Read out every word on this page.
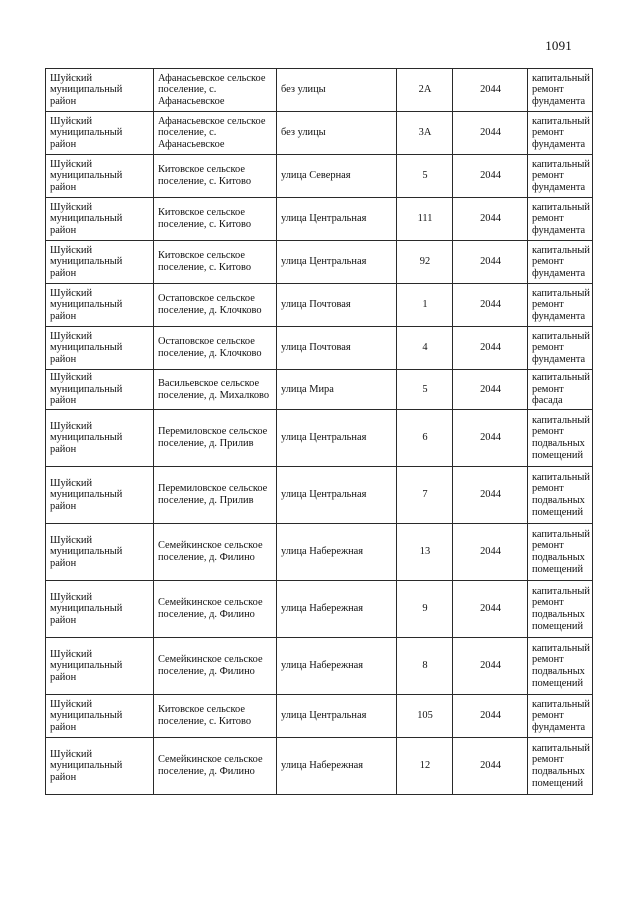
1091
Шуйский муниципальный район	Афанасьевское сельское поселение, с. Афанасьевское	без улицы	2А	2044	капитальный ремонт фундамента
Шуйский муниципальный район	Афанасьевское сельское поселение, с. Афанасьевское	без улицы	3А	2044	капитальный ремонт фундамента
Шуйский муниципальный район	Китовское сельское поселение, с. Китово	улица Северная	5	2044	капитальный ремонт фундамента
Шуйский муниципальный район	Китовское сельское поселение, с. Китово	улица Центральная	111	2044	капитальный ремонт фундамента
Шуйский муниципальный район	Китовское сельское поселение, с. Китово	улица Центральная	92	2044	капитальный ремонт фундамента
Шуйский муниципальный район	Остаповское сельское поселение, д. Клочково	улица Почтовая	1	2044	капитальный ремонт фундамента
Шуйский муниципальный район	Остаповское сельское поселение, д. Клочково	улица Почтовая	4	2044	капитальный ремонт фундамента
Шуйский муниципальный район	Васильевское сельское поселение, д. Михалково	улица Мира	5	2044	капитальный ремонт фасада
Шуйский муниципальный район	Перемиловское сельское поселение, д. Прилив	улица Центральная	6	2044	капитальный ремонт подвальных помещений
Шуйский муниципальный район	Перемиловское сельское поселение, д. Прилив	улица Центральная	7	2044	капитальный ремонт подвальных помещений
Шуйский муниципальный район	Семейкинское сельское поселение, д. Филино	улица Набережная	13	2044	капитальный ремонт подвальных помещений
Шуйский муниципальный район	Семейкинское сельское поселение, д. Филино	улица Набережная	9	2044	капитальный ремонт подвальных помещений
Шуйский муниципальный район	Семейкинское сельское поселение, д. Филино	улица Набережная	8	2044	капитальный ремонт подвальных помещений
Шуйский муниципальный район	Китовское сельское поселение, с. Китово	улица Центральная	105	2044	капитальный ремонт фундамента
Шуйский муниципальный район	Семейкинское сельское поселение, д. Филино	улица Набережная	12	2044	капитальный ремонт подвальных помещений
